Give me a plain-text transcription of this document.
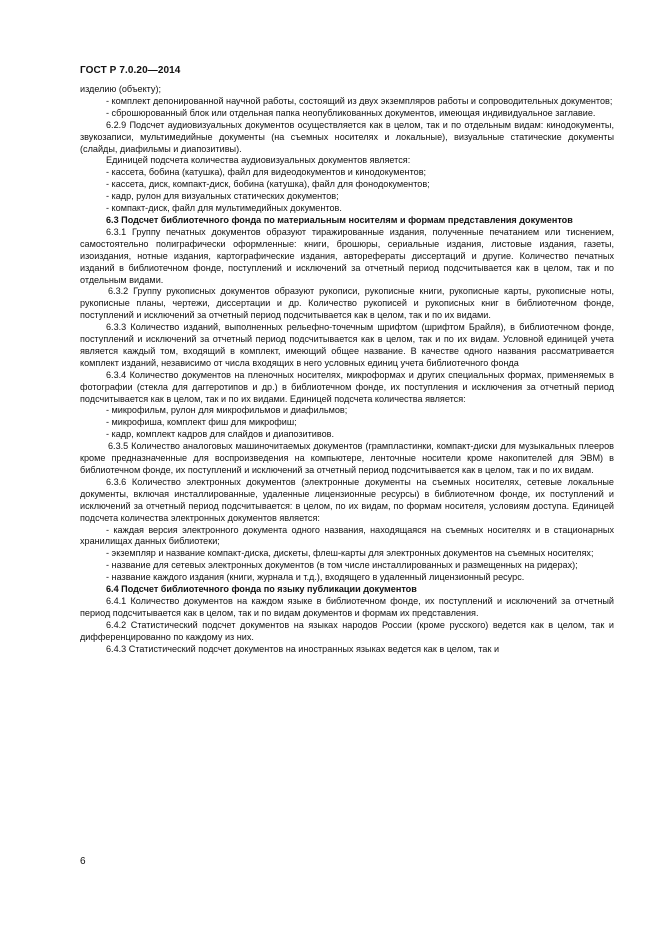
ГОСТ Р 7.0.20—2014

изделию (объекту);

- комплект депонированной научной работы, состоящий из двух экземпляров работы и сопроводительных документов;

- сброшюрованный блок или отдельная папка неопубликованных документов, имеющая индивидуальное заглавие.

6.2.9 Подсчет аудиовизуальных документов осуществляется как в целом, так и по отдельным видам: кинодокументы, звукозаписи, мультимедийные документы (на съемных носителях и локальные), визуальные статические документы (слайды, диафильмы и диапозитивы).

Единицей подсчета количества аудиовизуальных документов является:

- кассета, бобина (катушка), файл для видеодокументов и кинодокументов;

- кассета, диск, компакт-диск, бобина (катушка), файл для фонодокументов;

- кадр, рулон для визуальных статических документов;

- компакт-диск, файл для мультимедийных документов.

6.3 Подсчет библиотечного фонда по материальным носителям и формам представления документов

6.3.1 Группу печатных документов образуют тиражированные издания, полученные печатанием или тиснением, самостоятельно полиграфически оформленные: книги, брошюры, сериальные издания, листовые издания, газеты, изоиздания, нотные издания, картографические издания, авторефераты диссертаций и другие. Количество печатных изданий в библиотечном фонде, поступлений и исключений за отчетный период подсчитывается как в целом, так и по отдельным видами.

6.3.2 Группу рукописных документов образуют рукописи, рукописные книги, рукописные карты, рукописные ноты, рукописные планы, чертежи, диссертации и др. Количество рукописей и рукописных книг в библиотечном фонде, поступлений и исключений за отчетный период подсчитывается как в целом, так и по их видами.

6.3.3 Количество изданий, выполненных рельефно-точечным шрифтом (шрифтом Брайля), в библиотечном фонде, поступлений и исключений за отчетный период подсчитывается как в целом, так и по их видам. Условной единицей учета является каждый том, входящий в комплект, имеющий общее название. В качестве одного названия рассматривается комплект изданий, независимо от числа входящих в него условных единиц учета библиотечного фонда

6.3.4 Количество документов на пленочных носителях, микроформах и других специальных формах, применяемых в фотографии (стекла для даггеротипов и др.) в библиотечном фонде, их поступления и исключения за отчетный период подсчитывается как в целом, так и по их видами. Единицей подсчета количества является:

- микрофильм, рулон для микрофильмов и диафильмов;

- микрофиша, комплект фиш для микрофиш;

- кадр, комплект кадров для слайдов и диапозитивов.

6.3.5 Количество аналоговых машиночитаемых документов (грампластинки, компакт-диски для музыкальных плееров кроме предназначенные для воспроизведения на компьютере, ленточные носители кроме накопителей для ЭВМ) в библиотечном фонде, их поступлений и исключений за отчетный период подсчитывается как в целом, так и по их видам.

6.3.6 Количество электронных документов (электронные документы на съемных носителях, сетевые локальные документы, включая инсталлированные, удаленные лицензионные ресурсы) в библиотечном фонде, их поступлений и исключений за отчетный период подсчитывается: в целом, по их видам, по формам носителя, условиям доступа. Единицей подсчета количества электронных документов является:

- каждая версия электронного документа одного названия, находящаяся на съемных носителях и в стационарных хранилищах данных библиотеки;

- экземпляр и название компакт-диска, дискеты, флеш-карты для электронных документов на съемных носителях;

- название для сетевых электронных документов (в том числе инсталлированных и размещенных на ридерах);

- название каждого издания (книги, журнала и т.д.), входящего в удаленный лицензионный ресурс.

6.4 Подсчет библиотечного фонда по языку публикации документов

6.4.1 Количество документов на каждом языке в библиотечном фонде, их поступлений и исключений за отчетный период подсчитывается как в целом, так и по видам документов и формам их представления.

6.4.2 Статистический подсчет документов на языках народов России (кроме русского) ведется как в целом, так и дифференцированно по каждому из них.

6.4.3 Статистический подсчет документов на иностранных языках ведется как в целом, так и

6
